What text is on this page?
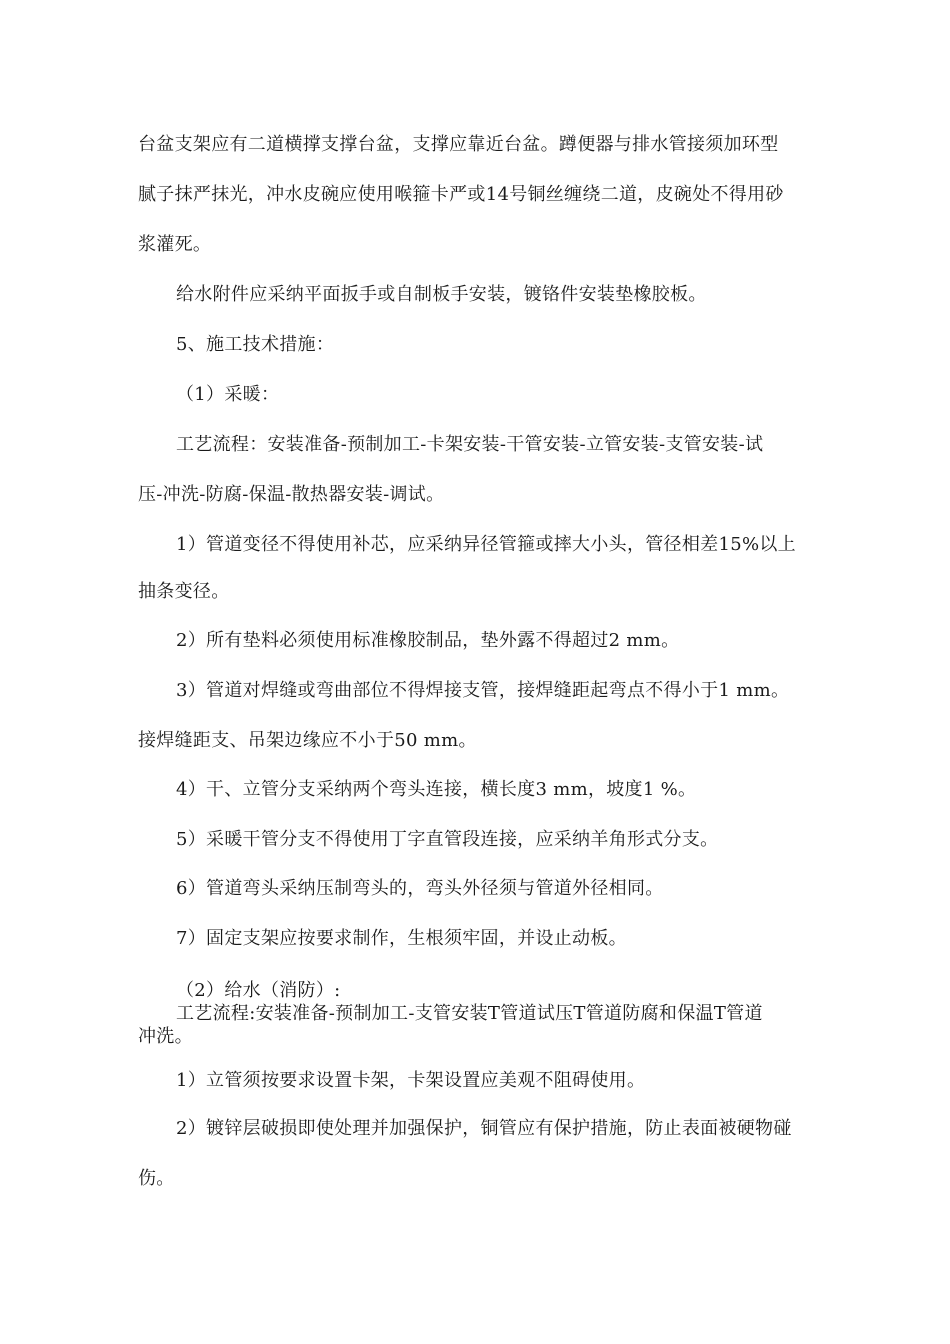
台盆支架应有二道横撑支撑台盆，支撑应靠近台盆。蹲便器与排水管接须加环型
腻子抹严抹光，冲水皮碗应使用喉箍卡严或14号铜丝缠绕二道，皮碗处不得用砂
浆灌死。
给水附件应采纳平面扳手或自制板手安装，镀铬件安装垫橡胶板。
5、施工技术措施：
（1）采暖：
工艺流程：安装准备-预制加工-卡架安装-干管安装-立管安装-支管安装-试
压-冲洗-防腐-保温-散热器安装-调试。
1）管道变径不得使用补芯，应采纳异径管箍或摔大小头，管径相差15%以上
抽条变径。
2）所有垫料必须使用标准橡胶制品，垫外露不得超过2 mm。
3）管道对焊缝或弯曲部位不得焊接支管，接焊缝距起弯点不得小于1 mm。
接焊缝距支、吊架边缘应不小于50 mm。
4）干、立管分支采纳两个弯头连接，横长度3 mm，坡度1 %。
5）采暖干管分支不得使用丁字直管段连接，应采纳羊角形式分支。
6）管道弯头采纳压制弯头的，弯头外径须与管道外径相同。
7）固定支架应按要求制作，生根须牢固，并设止动板。
（2）给水（消防）:
工艺流程:安装准备-预制加工-支管安装T管道试压T管道防腐和保温T管道
冲洗。
1）立管须按要求设置卡架，卡架设置应美观不阻碍使用。
2）镀锌层破损即使处理并加强保护，铜管应有保护措施，防止表面被硬物碰
伤。
